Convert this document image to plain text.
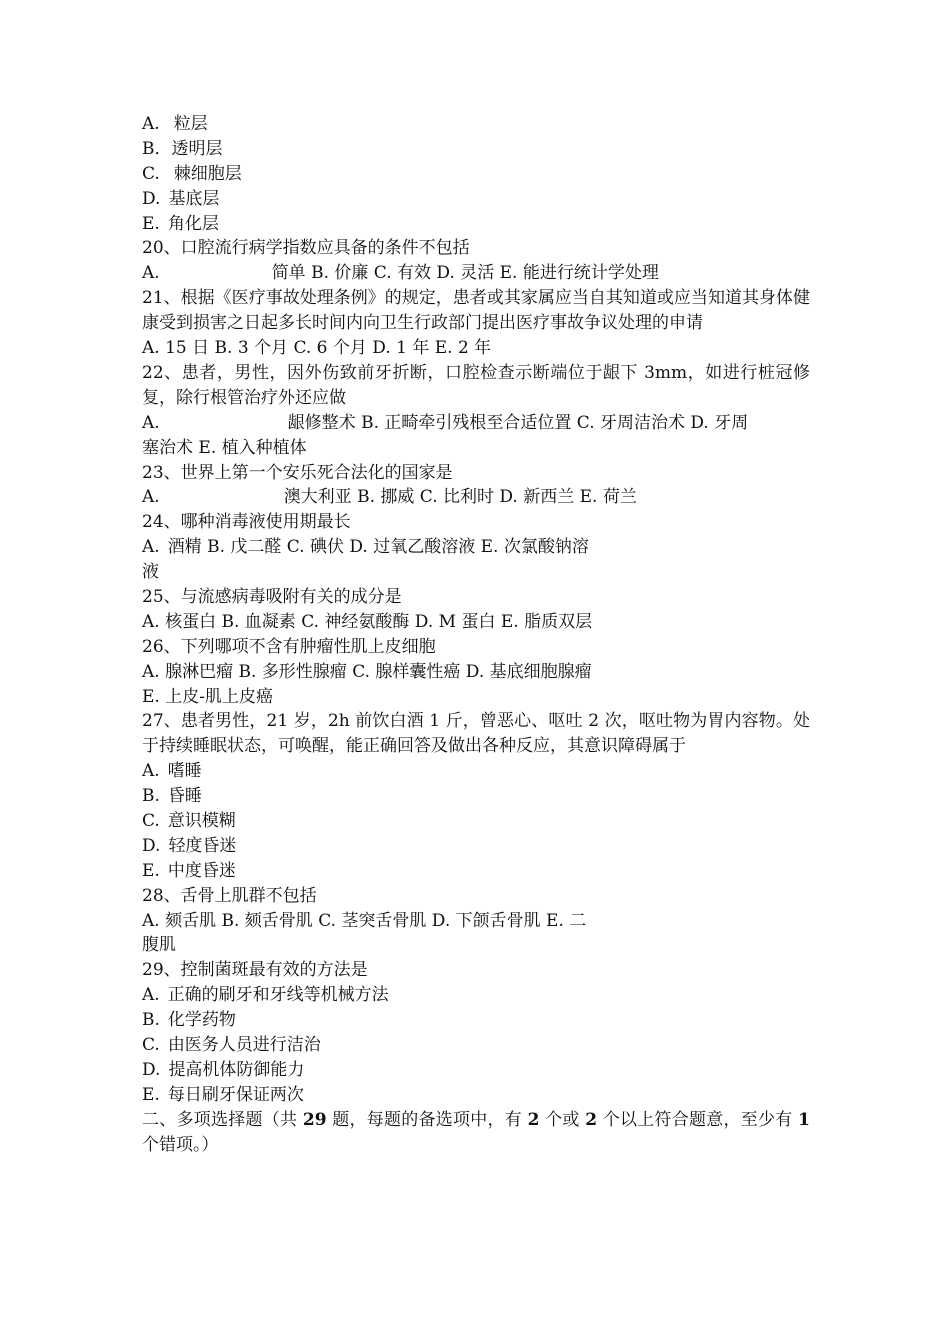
A. 粒层
B．透明层
C. 棘细胞层
D. 基底层
E. 角化层
20、口腔流行病学指数应具备的条件不包括
A.	简单 B. 价廉 C. 有效 D. 灵活 E. 能进行统计学处理
21、根据《医疗事故处理条例》的规定，患者或其家属应当自其知道或应当知道其身体健康受到损害之日起多长时间内向卫生行政部门提出医疗事故争议处理的申请
A. 15 日 B. 3 个月 C. 6 个月 D. 1 年 E. 2 年
22、患者，男性，因外伤致前牙折断，口腔检查示断端位于龈下 3mm，如进行桩冠修复，除行根管治疗外还应做
A.	龈修整术 B. 正畸牵引残根至合适位置 C. 牙周洁治术 D. 牙周
塞治术 E. 植入种植体
23、世界上第一个安乐死合法化的国家是
A.	澳大利亚 B. 挪威 C. 比利时 D. 新西兰 E. 荷兰
24、哪种消毒液使用期最长
A. 酒精 B. 戊二醛 C. 碘伏 D. 过氧乙酸溶液 E. 次氯酸钠溶
液
25、与流感病毒吸附有关的成分是
A. 核蛋白 B. 血凝素 C. 神经氨酸酶 D. M 蛋白 E. 脂质双层
26、下列哪项不含有肿瘤性肌上皮细胞
A. 腺淋巴瘤 B. 多形性腺瘤 C. 腺样囊性癌 D. 基底细胞腺瘤
E. 上皮-肌上皮癌
27、患者男性，21 岁，2h 前饮白酒 1 斤，曾恶心、呕吐 2 次，呕吐物为胃内容物。处于持续睡眠状态，可唤醒，能正确回答及做出各种反应，其意识障碍属于
A. 嗜睡
B. 昏睡
C. 意识模糊
D. 轻度昏迷
E. 中度昏迷
28、舌骨上肌群不包括
A. 颏舌肌 B. 颏舌骨肌 C. 茎突舌骨肌 D. 下颌舌骨肌 E. 二
腹肌
29、控制菌斑最有效的方法是
A. 正确的刷牙和牙线等机械方法
B. 化学药物
C. 由医务人员进行洁治
D. 提高机体防御能力
E. 每日刷牙保证两次
二、多项选择题（共 29 题，每题的备选项中，有 2 个或 2 个以上符合题意，至少有 1 个错项。）
